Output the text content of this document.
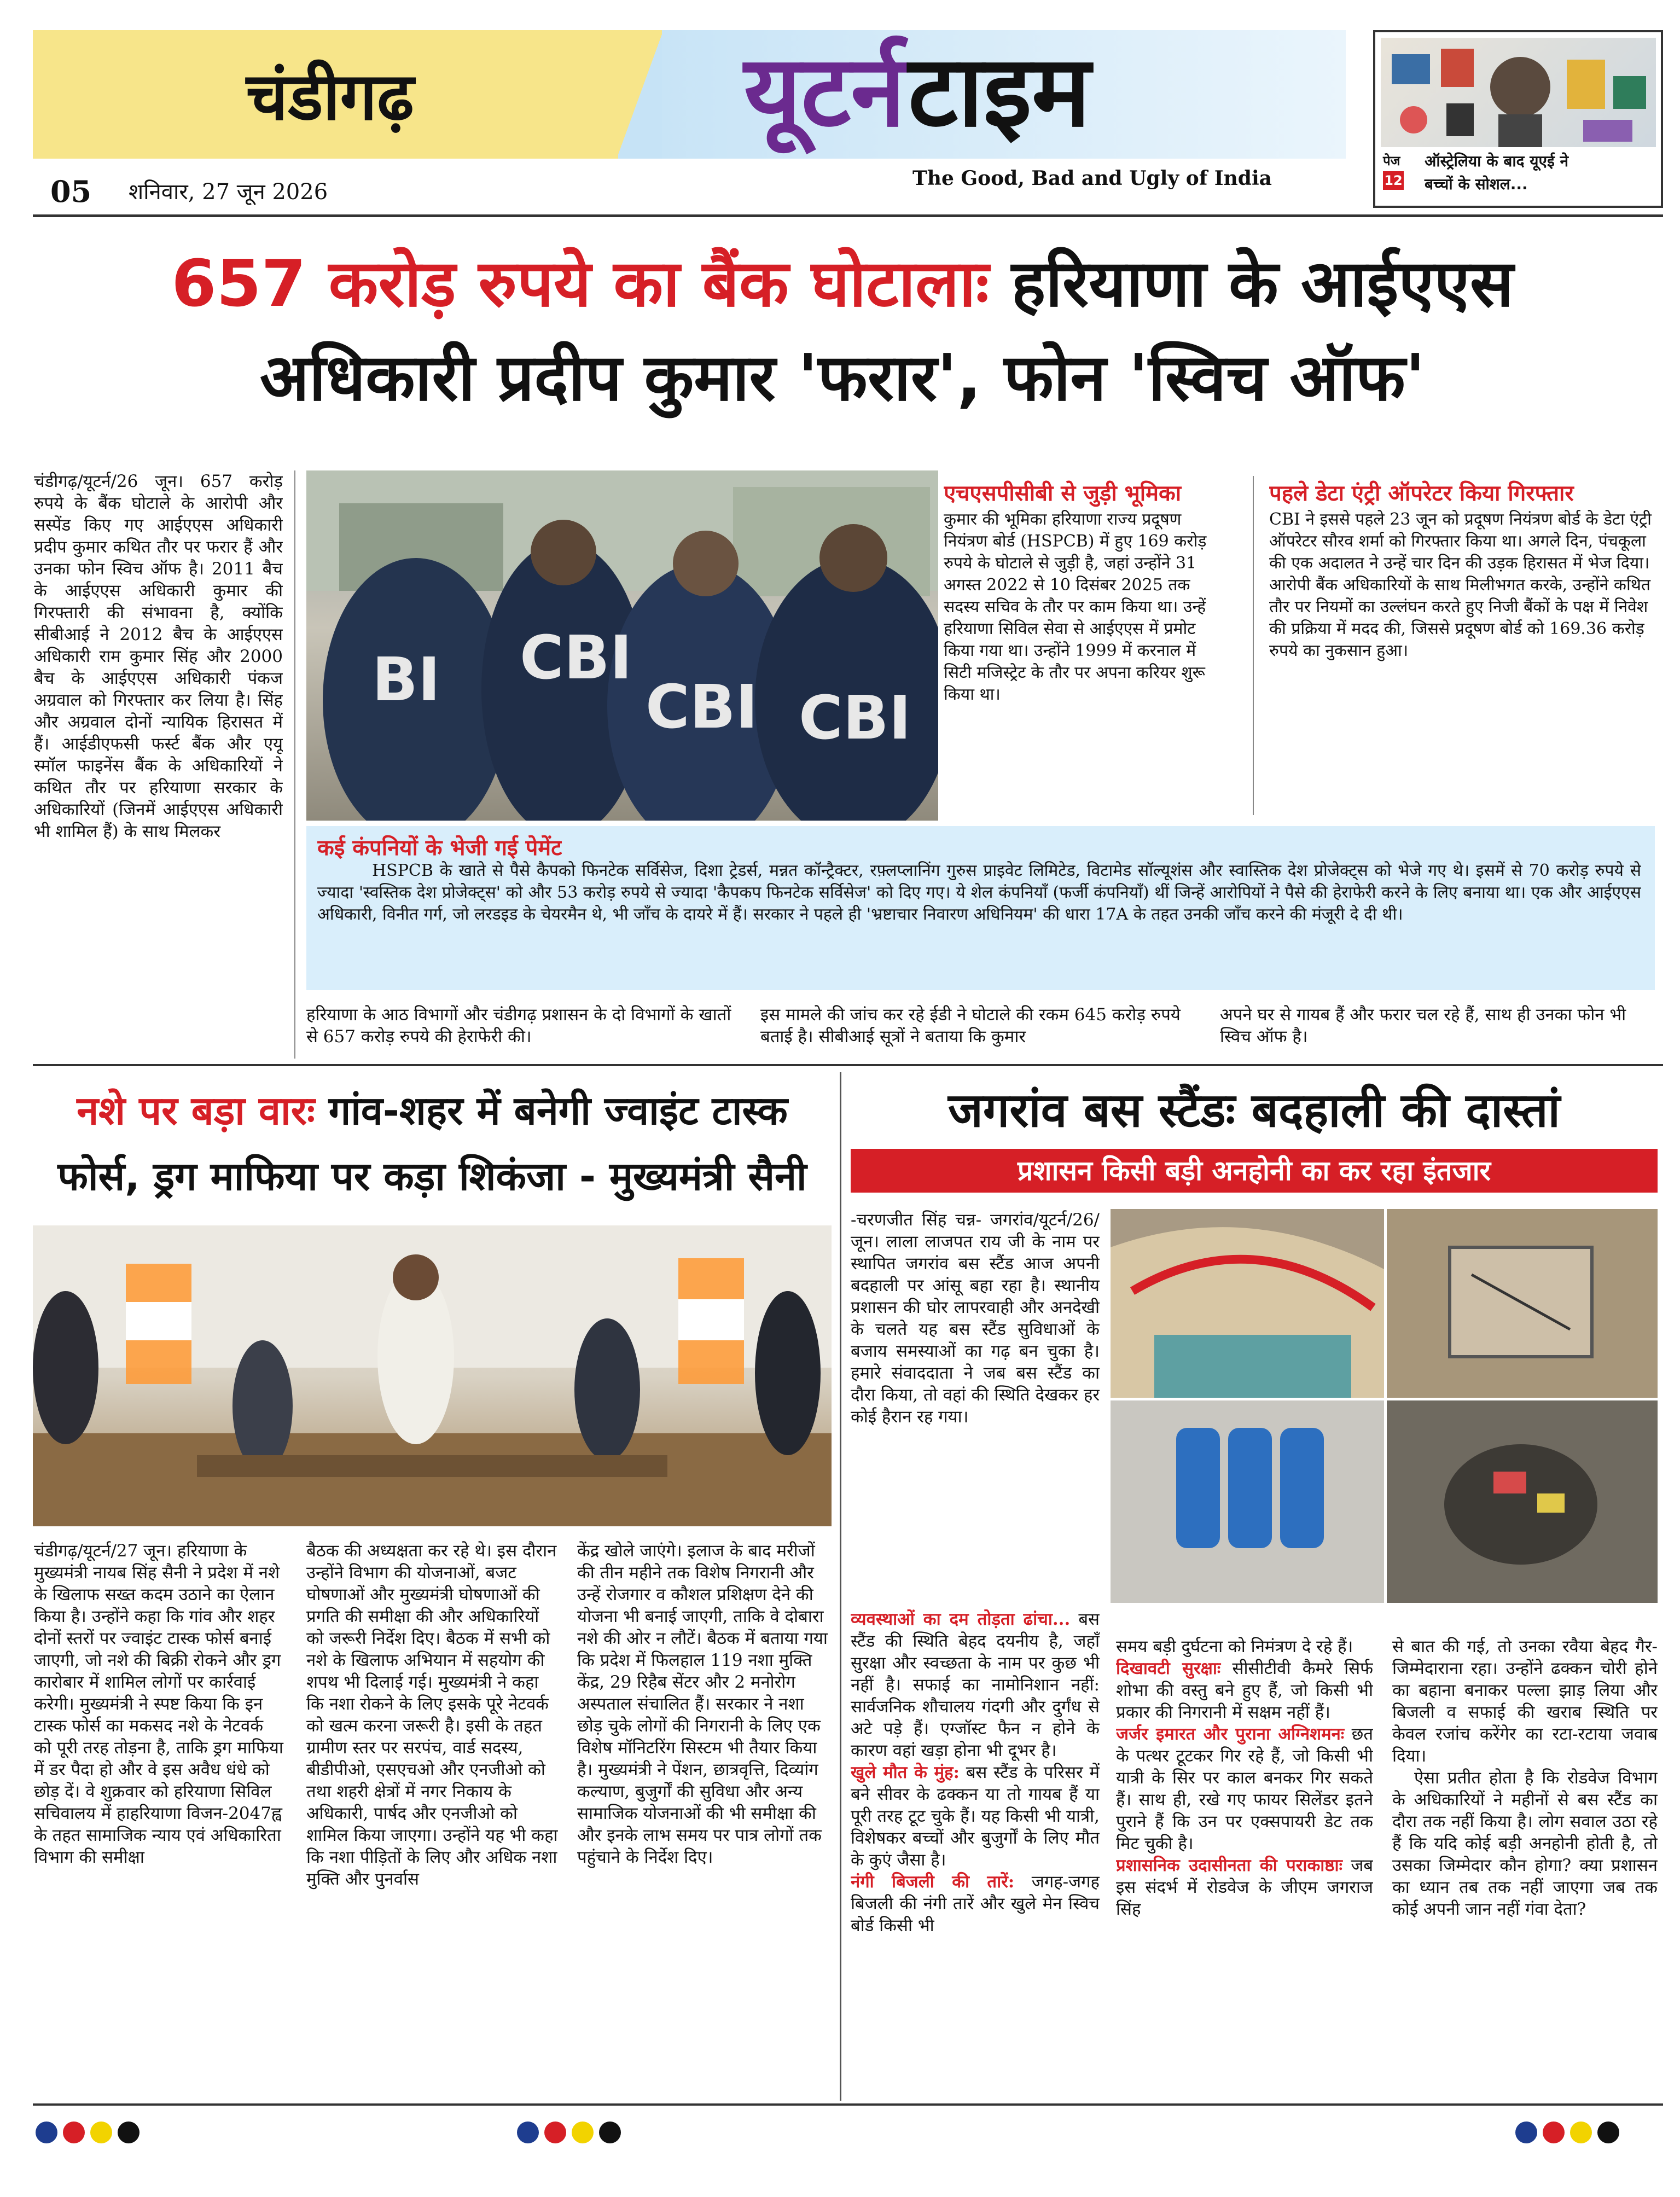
चंडीगढ़	यूटर्न टाइम
The Good, Bad and Ugly of India
05 शनिवार, 27 जून 2026
पेज
12
ऑस्ट्रेलिया के बाद यूएई ने
बच्चों के सोशल...
657 करोड़ रुपये का बैंक घोटालाः हरियाणा के आईएएस
अधिकारी प्रदीप कुमार 'फरार', फोन 'स्विच ऑफ'

चंडीगढ़/यूटर्न/26 जून। 657 करोड़ रुपये के बैंक घोटाले के आरोपी और सस्पेंड किए गए आईएएस अधिकारी प्रदीप कुमार कथित तौर पर फरार हैं और उनका फोन स्विच ऑफ है। 2011 बैच के आईएएस अधिकारी कुमार की गिरफ्तारी की संभावना है, क्योंकि सीबीआई ने 2012 बैच के आईएएस अधिकारी राम कुमार सिंह और 2000 बैच के आईएएस अधिकारी पंकज अग्रवाल को गिरफ्तार कर लिया है। सिंह और अग्रवाल दोनों न्यायिक हिरासत में हैं। आईडीएफसी फर्स्ट बैंक और एयू स्मॉल फाइनेंस बैंक के अधिकारियों ने कथित तौर पर हरियाणा सरकार के अधिकारियों (जिनमें आईएएस अधिकारी भी शामिल हैं) के साथ मिलकर

BI CBI
CBI CBI
एचएसपीसीबी से जुड़ी भूमिका

कुमार की भूमिका हरियाणा राज्य प्रदूषण नियंत्रण बोर्ड (HSPCB) में हुए 169 करोड़ रुपये के घोटाले से जुड़ी है, जहां उन्होंने 31 अगस्त 2022 से 10 दिसंबर 2025 तक सदस्य सचिव के तौर पर काम किया था। उन्हें हरियाणा सिविल सेवा से आईएएस में प्रमोट किया गया था। उन्होंने 1999 में करनाल में सिटी मजिस्ट्रेट के तौर पर अपना करियर शुरू किया था।

पहले डेटा एंट्री ऑपरेटर किया गिरफ्तार

CBI ने इससे पहले 23 जून को प्रदूषण नियंत्रण बोर्ड के डेटा एंट्री ऑपरेटर सौरव शर्मा को गिरफ्तार किया था। अगले दिन, पंचकूला की एक अदालत ने उन्हें चार दिन की उड़क हिरासत में भेज दिया। आरोपी बैंक अधिकारियों के साथ मिलीभगत करके, उन्होंने कथित तौर पर नियमों का उल्लंघन करते हुए निजी बैंकों के पक्ष में निवेश की प्रक्रिया में मदद की, जिससे प्रदूषण बोर्ड को 169.36 करोड़ रुपये का नुकसान हुआ।

कई कंपनियों के भेजी गई पेमेंट

HSPCB के खाते से पैसे कैपको फिनटेक सर्विसेज, दिशा ट्रेडर्स, मन्नत कॉन्ट्रैक्टर, रफ़्लप्लानिंग गुरुस प्राइवेट लिमिटेड, विटामेड सॉल्यूशंस और स्वास्तिक देश प्रोजेक्ट्स को भेजे गए थे। इसमें से 70 करोड़ रुपये से ज्यादा 'स्वस्तिक देश प्रोजेक्ट्स' को और 53 करोड़ रुपये से ज्यादा 'कैपकप फिनटेक सर्विसेज' को दिए गए। ये शेल कंपनियाँ (फर्जी कंपनियाँ) थीं जिन्हें आरोपियों ने पैसे की हेराफेरी करने के लिए बनाया था। एक और आईएएस अधिकारी, विनीत गर्ग, जो लरडइड के चेयरमैन थे, भी जाँच के दायरे में हैं। सरकार ने पहले ही 'भ्रष्टाचार निवारण अधिनियम' की धारा 17A के तहत उनकी जाँच करने की मंजूरी दे दी थी।

हरियाणा के आठ विभागों और चंडीगढ़ प्रशासन के दो विभागों के खातों से 657 करोड़ रुपये की हेराफेरी की।

इस मामले की जांच कर रहे ईडी ने घोटाले की रकम 645 करोड़ रुपये बताई है। सीबीआई सूत्रों ने बताया कि कुमार

अपने घर से गायब हैं और फरार चल रहे हैं, साथ ही उनका फोन भी स्विच ऑफ है।

नशे पर बड़ा वारः गांव-शहर में बनेगी ज्वाइंट टास्क
फोर्स, ड्रग माफिया पर कड़ा शिकंजा - मुख्यमंत्री सैनी

चंडीगढ़/यूटर्न/27 जून। हरियाणा के मुख्यमंत्री नायब सिंह सैनी ने प्रदेश में नशे के खिलाफ सख्त कदम उठाने का ऐलान किया है। उन्होंने कहा कि गांव और शहर दोनों स्तरों पर ज्वाइंट टास्क फोर्स बनाई जाएगी, जो नशे की बिक्री रोकने और ड्रग कारोबार में शामिल लोगों पर कार्रवाई करेगी। मुख्यमंत्री ने स्पष्ट किया कि इन टास्क फोर्स का मकसद नशे के नेटवर्क को पूरी तरह तोड़ना है, ताकि ड्रग माफिया में डर पैदा हो और वे इस अवैध धंधे को छोड़ दें। वे शुक्रवार को हरियाणा सिविल सचिवालय में हाहरियाणा विजन-2047ह्व के तहत सामाजिक न्याय एवं अधिकारिता विभाग की समीक्षा

बैठक की अध्यक्षता कर रहे थे। इस दौरान उन्होंने विभाग की योजनाओं, बजट घोषणाओं और मुख्यमंत्री घोषणाओं की प्रगति की समीक्षा की और अधिकारियों को जरूरी निर्देश दिए। बैठक में सभी को नशे के खिलाफ अभियान में सहयोग की शपथ भी दिलाई गई। मुख्यमंत्री ने कहा कि नशा रोकने के लिए इसके पूरे नेटवर्क को खत्म करना जरूरी है। इसी के तहत ग्रामीण स्तर पर सरपंच, वार्ड सदस्य, बीडीपीओ, एसएचओ और एनजीओ को तथा शहरी क्षेत्रों में नगर निकाय के अधिकारी, पार्षद और एनजीओ को शामिल किया जाएगा। उन्होंने यह भी कहा कि नशा पीड़ितों के लिए और अधिक नशा मुक्ति और पुनर्वास

केंद्र खोले जाएंगे। इलाज के बाद मरीजों की तीन महीने तक विशेष निगरानी और उन्हें रोजगार व कौशल प्रशिक्षण देने की योजना भी बनाई जाएगी, ताकि वे दोबारा नशे की ओर न लौटें। बैठक में बताया गया कि प्रदेश में फिलहाल 119 नशा मुक्ति केंद्र, 29 रिहैब सेंटर और 2 मनोरोग अस्पताल संचालित हैं। सरकार ने नशा छोड़ चुके लोगों की निगरानी के लिए एक विशेष मॉनिटरिंग सिस्टम भी तैयार किया है। मुख्यमंत्री ने पेंशन, छात्रवृत्ति, दिव्यांग कल्याण, बुजुर्गों की सुविधा और अन्य सामाजिक योजनाओं की भी समीक्षा की और इनके लाभ समय पर पात्र लोगों तक पहुंचाने के निर्देश दिए।

जगरांव बस स्टैंडः बदहाली की दास्तां
प्रशासन किसी बड़ी अनहोनी का कर रहा इंतजार

-चरणजीत सिंह चन्न- जगरांव/यूटर्न/26/जून। लाला लाजपत राय जी के नाम पर स्थापित जगरांव बस स्टैंड आज अपनी बदहाली पर आंसू बहा रहा है। स्थानीय प्रशासन की घोर लापरवाही और अनदेखी के चलते यह बस स्टैंड सुविधाओं के बजाय समस्याओं का गढ़ बन चुका है। हमारे संवाददाता ने जब बस स्टैंड का दौरा किया, तो वहां की स्थिति देखकर हर कोई हैरान रह गया।

व्यवस्थाओं का दम तोड़ता ढांचा... बस स्टैंड की स्थिति बेहद दयनीय है, जहाँ सुरक्षा और स्वच्छता के नाम पर कुछ भी नहीं है। सफाई का नामोनिशान नहीं: सार्वजनिक शौचालय गंदगी और दुर्गंध से अटे पड़े हैं। एग्जॉस्ट फैन न होने के कारण वहां खड़ा होना भी दूभर है।
खुले मौत के मुंह: बस स्टैंड के परिसर में बने सीवर के ढक्कन या तो गायब हैं या पूरी तरह टूट चुके हैं। यह किसी भी यात्री, विशेषकर बच्चों और बुजुर्गों के लिए मौत के कुएं जैसा है।
नंगी बिजली की तारें: जगह-जगह बिजली की नंगी तारें और खुले मेन स्विच बोर्ड किसी भी
समय बड़ी दुर्घटना को निमंत्रण दे रहे हैं।
दिखावटी सुरक्षाः सीसीटीवी कैमरे सिर्फ शोभा की वस्तु बने हुए हैं, जो किसी भी प्रकार की निगरानी में सक्षम नहीं हैं।
जर्जर इमारत और पुराना अग्निशमनः छत के पत्थर टूटकर गिर रहे हैं, जो किसी भी यात्री के सिर पर काल बनकर गिर सकते हैं। साथ ही, रखे गए फायर सिलेंडर इतने पुराने हैं कि उन पर एक्सपायरी डेट तक मिट चुकी है।
प्रशासनिक उदासीनता की पराकाष्ठाः जब इस संदर्भ में रोडवेज के जीएम जगराज सिंह
से बात की गई, तो उनका रवैया बेहद गैर-जिम्मेदाराना रहा। उन्होंने ढक्कन चोरी होने का बहाना बनाकर पल्ला झाड़ लिया और बिजली व सफाई की खराब स्थिति पर केवल रजांच करेंगेर का रटा-रटाया जवाब दिया।
ऐसा प्रतीत होता है कि रोडवेज विभाग के अधिकारियों ने महीनों से बस स्टैंड का दौरा तक नहीं किया है। लोग सवाल उठा रहे हैं कि यदि कोई बड़ी अनहोनी होती है, तो उसका जिम्मेदार कौन होगा? क्या प्रशासन का ध्यान तब तक नहीं जाएगा जब तक कोई अपनी जान नहीं गंवा देता?
